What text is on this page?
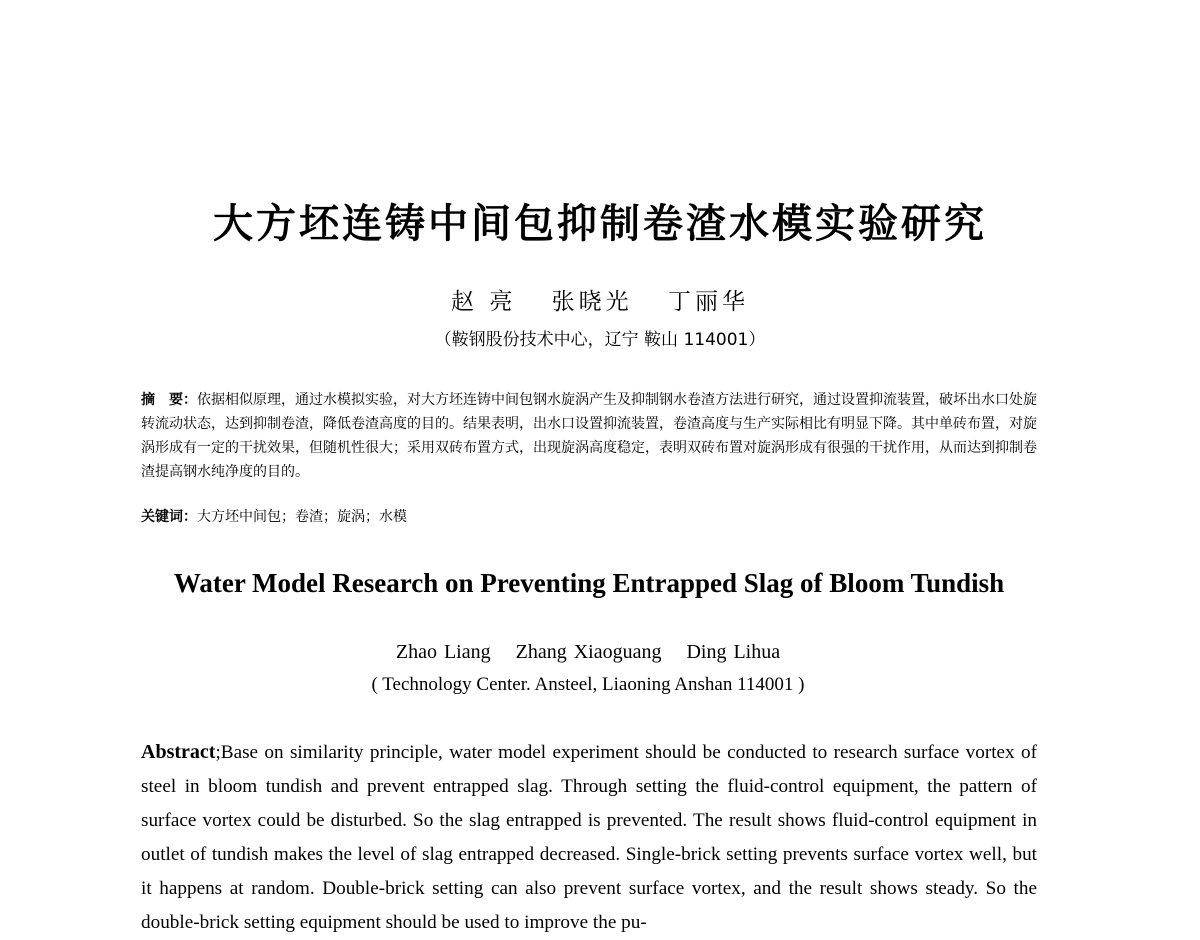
大方坯连铸中间包抑制卷渣水模实验研究
赵 亮 张晓光 丁丽华
（鞍钢股份技术中心，辽宁 鞍山 114001）
摘　要：依据相似原理，通过水模拟实验，对大方坯连铸中间包钢水旋涡产生及抑制钢水卷渣方法进行研究，通过设置抑流装置，破坏出水口处旋转流动状态，达到抑制卷渣，降低卷渣高度的目的。结果表明，出水口设置抑流装置，卷渣高度与生产实际相比有明显下降。其中单砖布置，对旋涡形成有一定的干扰效果，但随机性很大；采用双砖布置方式，出现旋涡高度稳定，表明双砖布置对旋涡形成有很强的干扰作用，从而达到抑制卷渣提高钢水纯净度的目的。
关键词：大方坯中间包；卷渣；旋涡；水模
Water Model Research on Preventing Entrapped Slag of Bloom Tundish
Zhao Liang Zhang Xiaoguang Ding Lihua
( Technology Center. Ansteel, Liaoning Anshan 114001 )
Abstract;Base on similarity principle, water model experiment should be conducted to research surface vortex of steel in bloom tundish and prevent entrapped slag. Through setting the fluid-control equipment, the pattern of surface vortex could be disturbed. So the slag entrapped is prevented. The result shows fluid-control equipment in outlet of tundish makes the level of slag entrapped decreased. Single-brick setting prevents surface vortex well, but it happens at random. Double-brick setting can also prevent surface vortex, and the result shows steady. So the double-brick setting equipment should be used to improve the pu-
